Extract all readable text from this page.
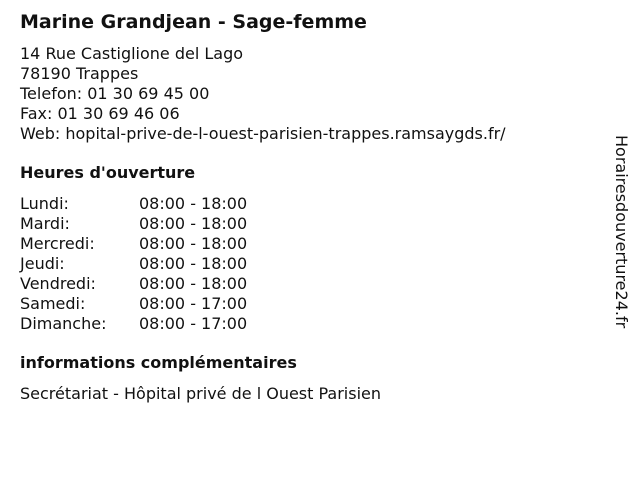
Marine Grandjean - Sage-femme
14 Rue Castiglione del Lago
78190 Trappes
Telefon: 01 30 69 45 00
Fax: 01 30 69 46 06
Web: hopital-prive-de-l-ouest-parisien-trappes.ramsaygds.fr/
Heures d'ouverture
Lundi:	08:00 - 18:00
Mardi:	08:00 - 18:00
Mercredi:	08:00 - 18:00
Jeudi:	08:00 - 18:00
Vendredi:	08:00 - 18:00
Samedi:	08:00 - 17:00
Dimanche: 08:00 - 17:00
informations complémentaires
Secrétariat - Hôpital privé de l Ouest Parisien
Horairesdouverture24.fr
